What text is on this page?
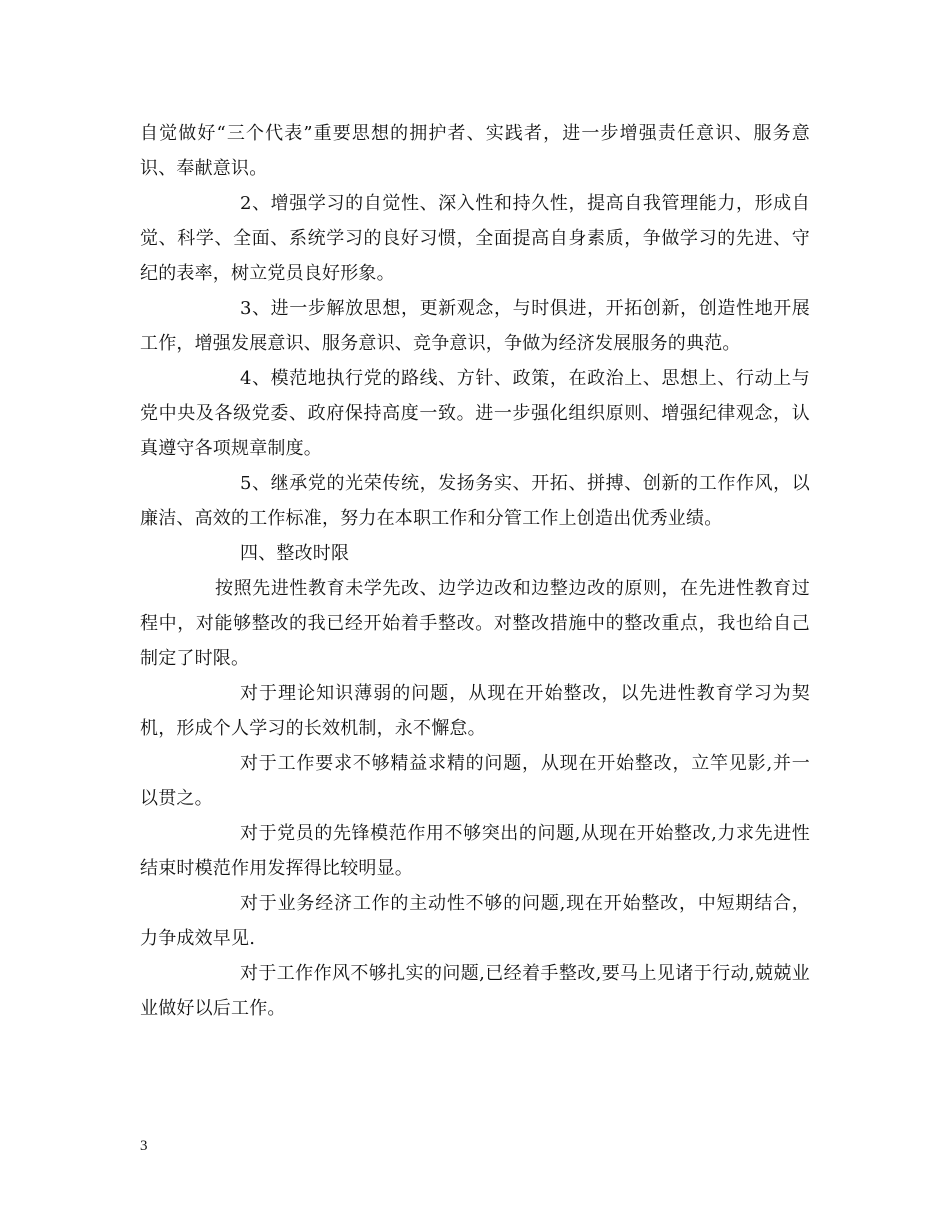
自觉做好“三个代表”重要思想的拥护者、实践者，进一步增强责任意识、服务意识、奉献意识。

2、增强学习的自觉性、深入性和持久性，提高自我管理能力，形成自觉、科学、全面、系统学习的良好习惯，全面提高自身素质，争做学习的先进、守纪的表率，树立党员良好形象。

3、进一步解放思想，更新观念，与时俱进，开拓创新，创造性地开展工作，增强发展意识、服务意识、竞争意识，争做为经济发展服务的典范。

4、模范地执行党的路线、方针、政策，在政治上、思想上、行动上与党中央及各级党委、政府保持高度一致。进一步强化组织原则、增强纪律观念，认真遵守各项规章制度。

5、继承党的光荣传统，发扬务实、开拓、拼搏、创新的工作作风，以廉洁、高效的工作标准，努力在本职工作和分管工作上创造出优秀业绩。

四、整改时限

按照先进性教育未学先改、边学边改和边整边改的原则，在先进性教育过程中，对能够整改的我已经开始着手整改。对整改措施中的整改重点，我也给自己制定了时限。

对于理论知识薄弱的问题，从现在开始整改，以先进性教育学习为契机，形成个人学习的长效机制，永不懈怠。

对于工作要求不够精益求精的问题，从现在开始整改，立竿见影,并一以贯之。

对于党员的先锋模范作用不够突出的问题,从现在开始整改,力求先进性结束时模范作用发挥得比较明显。

对于业务经济工作的主动性不够的问题,现在开始整改，中短期结合，力争成效早见.

对于工作作风不够扎实的问题,已经着手整改,要马上见诸于行动,兢兢业业做好以后工作。

3
